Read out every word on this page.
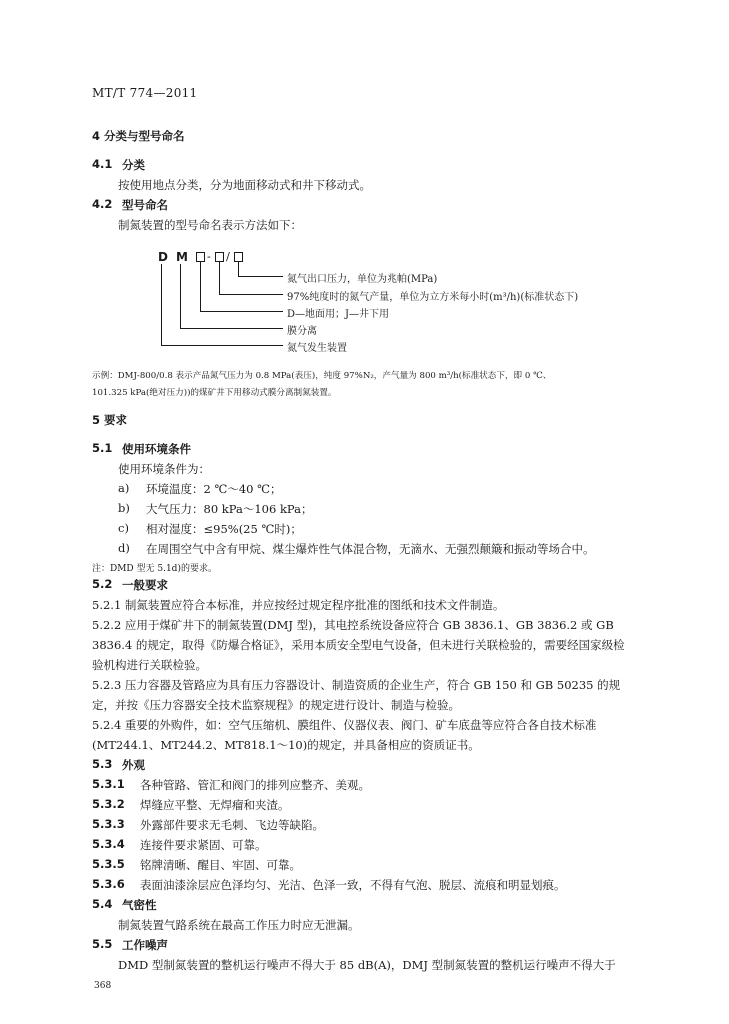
MT/T 774—2011
4 分类与型号命名
4.1 分类
按使用地点分类，分为地面移动式和井下移动式。
4.2 型号命名
制氮装置的型号命名表示方法如下：
D M - /
氮气出口压力，单位为兆帕(MPa)
97%纯度时的氮气产量，单位为立方米每小时(m³/h)(标准状态下)
D—地面用；J—井下用
膜分离
氮气发生装置
示例：DMJ-800/0.8 表示产品氮气压力为 0.8 MPa(表压)，纯度 97%N₂，产气量为 800 m³/h(标准状态下，即 0 ℃、
101.325 kPa(绝对压力))的煤矿井下用移动式膜分离制氮装置。
5 要求
5.1 使用环境条件
使用环境条件为：
a) 环境温度：2 ℃～40 ℃；
b) 大气压力：80 kPa～106 kPa；
c) 相对湿度：≤95%(25 ℃时)；
d) 在周围空气中含有甲烷、煤尘爆炸性气体混合物，无滴水、无强烈颠簸和振动等场合中。
注：DMD 型无 5.1d)的要求。
5.2 一般要求
5.2.1 制氮装置应符合本标准，并应按经过规定程序批准的图纸和技术文件制造。
5.2.2 应用于煤矿井下的制氮装置(DMJ 型)，其电控系统设备应符合 GB 3836.1、GB 3836.2 或 GB
3836.4 的规定，取得《防爆合格证》，采用本质安全型电气设备，但未进行关联检验的，需要经国家级检
验机构进行关联检验。
5.2.3 压力容器及管路应为具有压力容器设计、制造资质的企业生产，符合 GB 150 和 GB 50235 的规
定，并按《压力容器安全技术监察规程》的规定进行设计、制造与检验。
5.2.4 重要的外购件，如：空气压缩机、膜组件、仪器仪表、阀门、矿车底盘等应符合各自技术标准
(MT244.1、MT244.2、MT818.1～10)的规定，并具备相应的资质证书。
5.3 外观
5.3.1 各种管路、管汇和阀门的排列应整齐、美观。
5.3.2 焊缝应平整、无焊瘤和夹渣。
5.3.3 外露部件要求无毛刺、飞边等缺陷。
5.3.4 连接件要求紧固、可靠。
5.3.5 铭牌清晰、醒目、牢固、可靠。
5.3.6 表面油漆涂层应色泽均匀、光洁、色泽一致，不得有气泡、脱层、流痕和明显划痕。
5.4 气密性
制氮装置气路系统在最高工作压力时应无泄漏。
5.5 工作噪声
DMD 型制氮装置的整机运行噪声不得大于 85 dB(A)，DMJ 型制氮装置的整机运行噪声不得大于
368
